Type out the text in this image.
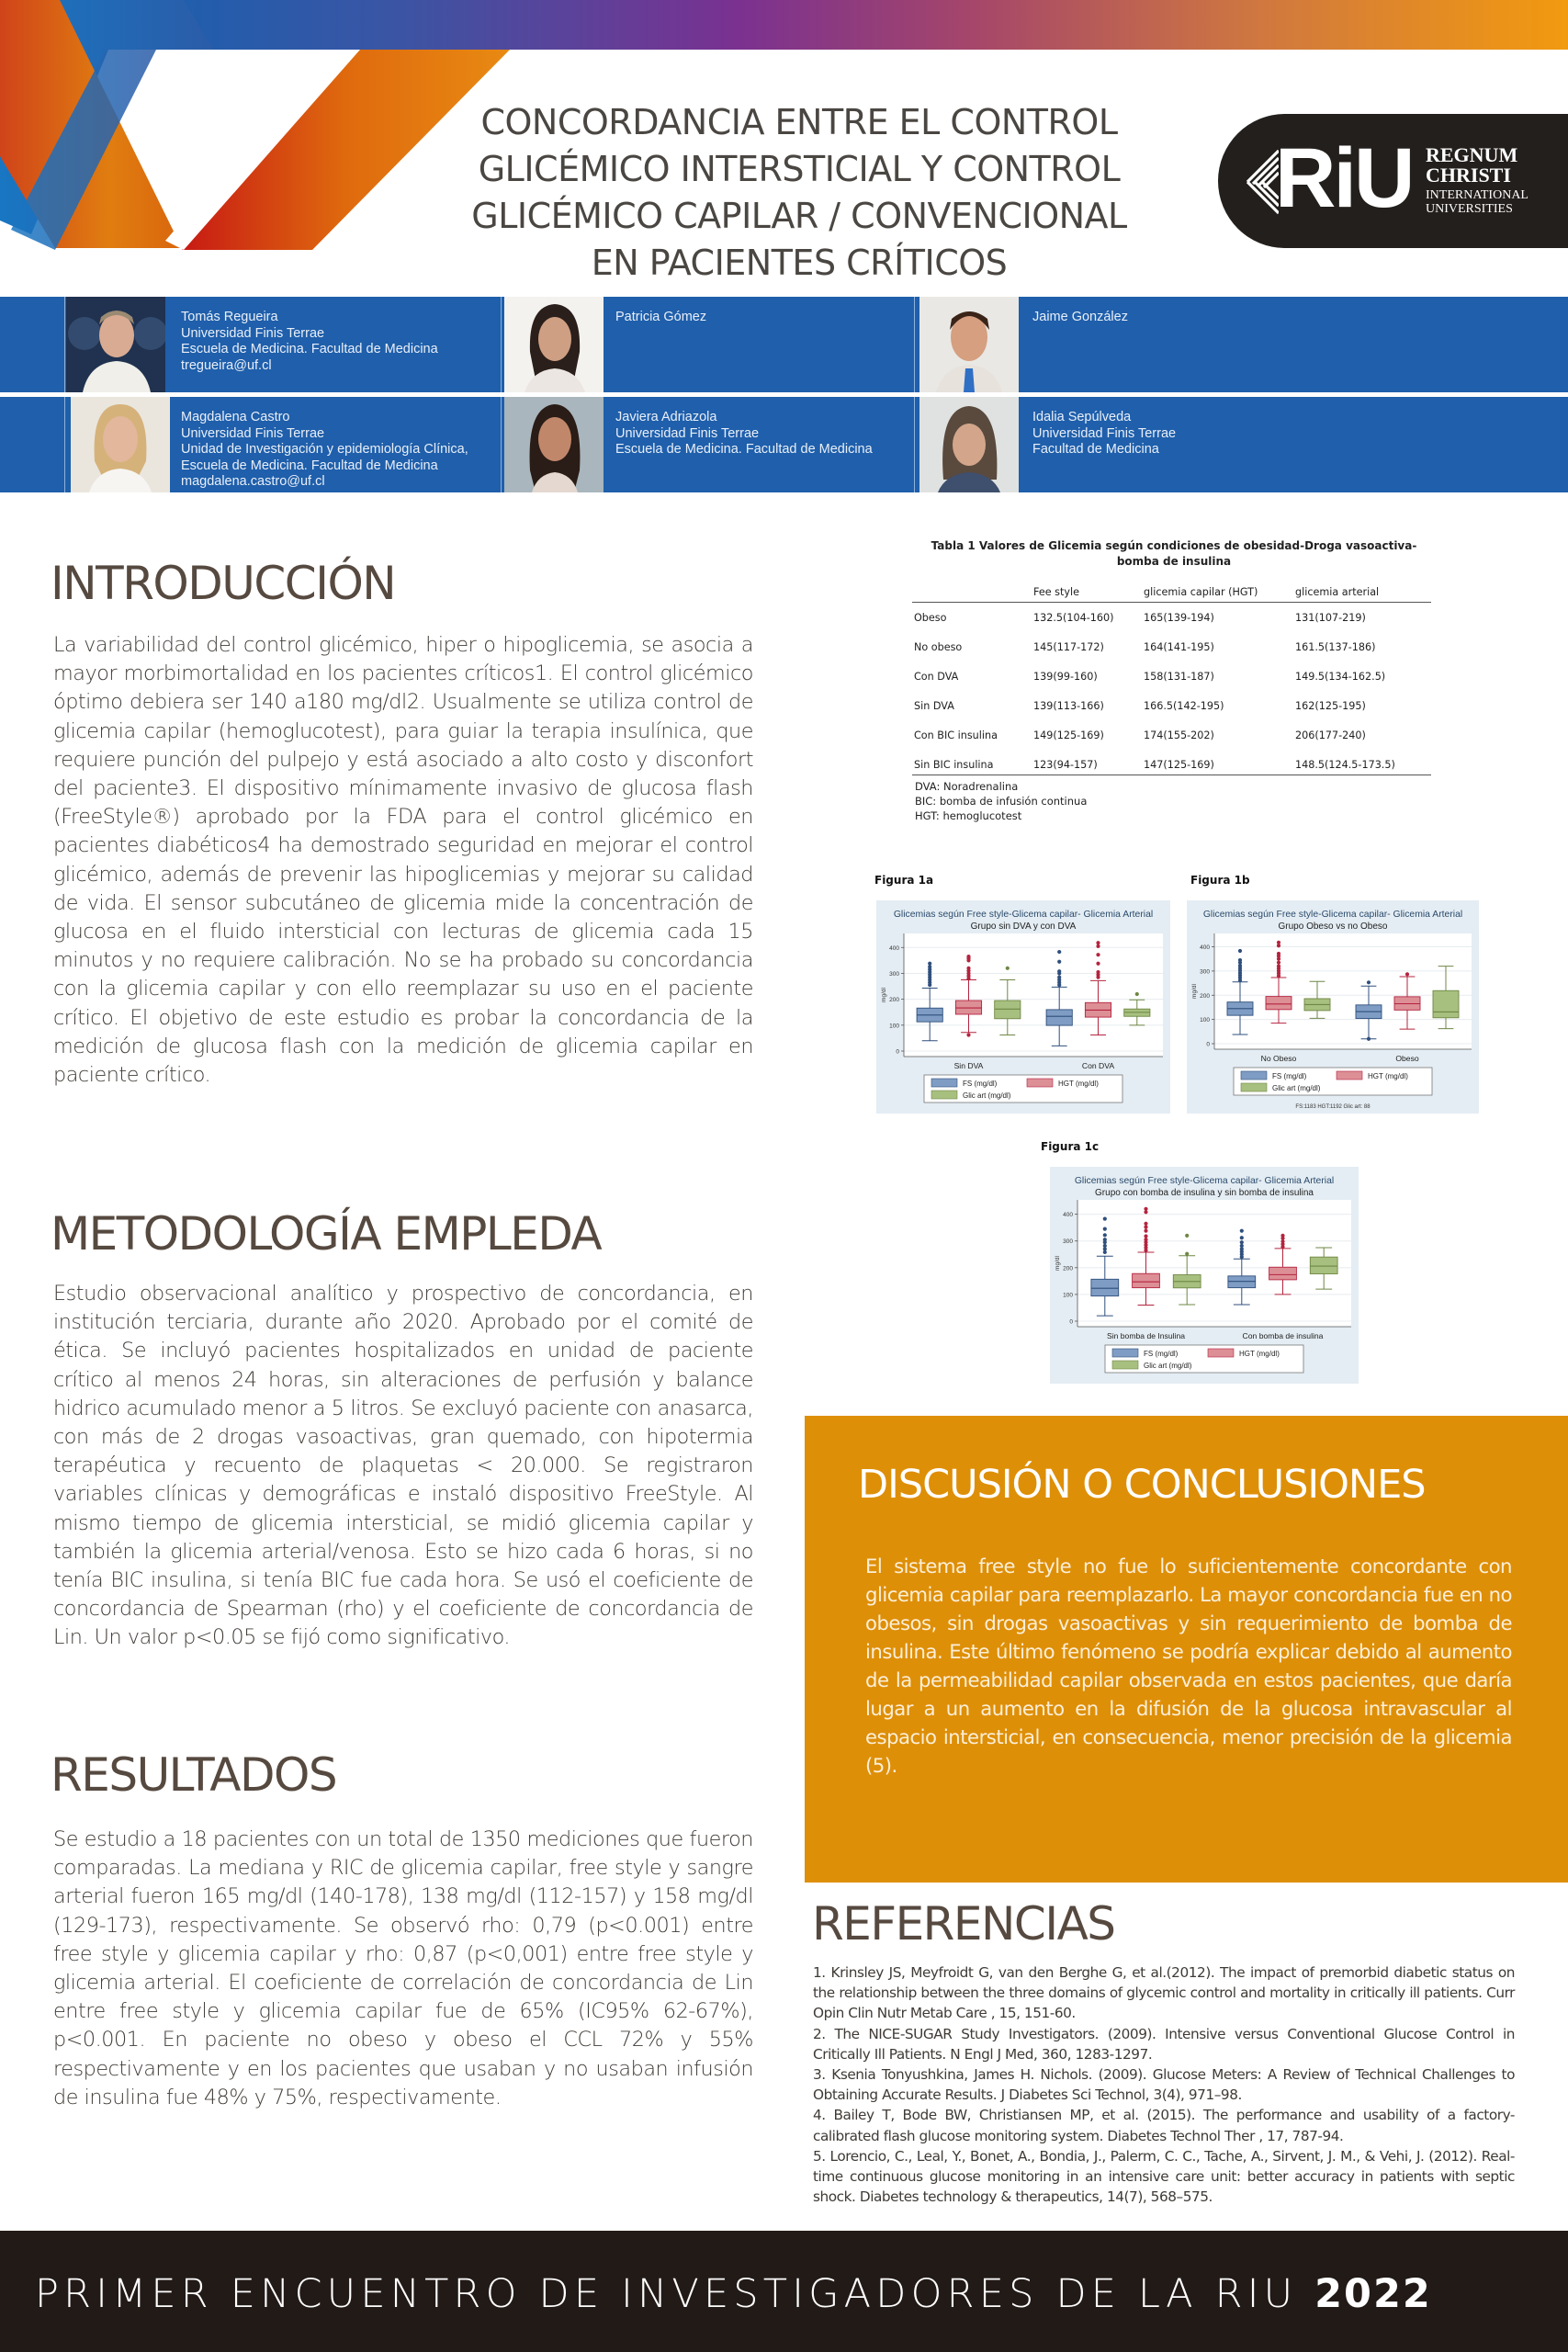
CONCORDANCIA ENTRE EL CONTROL
GLICÉMICO INTERSTICIAL Y CONTROL
GLICÉMICO CAPILAR / CONVENCIONAL
EN PACIENTES CRÍTICOS
RiU REGNUM
CHRISTI
INTERNATIONAL
UNIVERSITIES
Tomás Regueira
Universidad Finis Terrae
Escuela de Medicina. Facultad de Medicina
tregueira@uf.cl
Patricia Gómez	Jaime González
Magdalena Castro
Universidad Finis Terrae
Unidad de Investigación y epidemiología Clínica,
Escuela de Medicina. Facultad de Medicina
magdalena.castro@uf.cl
Javiera Adriazola
Universidad Finis Terrae
Escuela de Medicina. Facultad de Medicina
Idalia Sepúlveda
Universidad Finis Terrae
Facultad de Medicina
INTRODUCCIÓN
La variabilidad del control glicémico, hiper o hipoglicemia, se asocia a mayor morbimortalidad en los pacientes críticos1. El control glicémico óptimo debiera ser 140 a180 mg/dl2. Usualmente se utiliza control de glicemia capilar (hemoglucotest), para guiar la terapia insulínica, que requiere punción del pulpejo y está asociado a alto costo y disconfort del paciente3. El dispositivo mínimamente invasivo de glucosa flash (FreeStyle®) aprobado por la FDA para el control glicémico en pacientes diabéticos4 ha demostrado seguridad en mejorar el control glicémico, además de prevenir las hipoglicemias y mejorar su calidad de vida. El sensor subcutáneo de glicemia mide la concentración de glucosa en el fluido intersticial con lecturas de glicemia cada 15 minutos y no requiere calibración. No se ha probado su concordancia con la glicemia capilar y con ello reemplazar su uso en el paciente crítico. El objetivo de este estudio es probar la concordancia de la medición de glucosa flash con la medición de glicemia capilar en paciente crítico.
METODOLOGÍA EMPLEDA
Estudio observacional analítico y prospectivo de concordancia, en institución terciaria, durante año 2020. Aprobado por el comité de ética. Se incluyó pacientes hospitalizados en unidad de paciente crítico al menos 24 horas, sin alteraciones de perfusión y balance hidrico acumulado menor a 5 litros. Se excluyó paciente con anasarca, con más de 2 drogas vasoactivas, gran quemado, con hipotermia terapéutica y recuento de plaquetas < 20.000. Se registraron variables clínicas y demográficas e instaló dispositivo FreeStyle. Al mismo tiempo de glicemia intersticial, se midió glicemia capilar y también la glicemia arterial/venosa. Esto se hizo cada 6 horas, si no tenía BIC insulina, si tenía BIC fue cada hora. Se usó el coeficiente de concordancia de Spearman (rho) y el coeficiente de concordancia de Lin. Un valor p<0.05 se fijó como significativo.
RESULTADOS
Se estudio a 18 pacientes con un total de 1350 mediciones que fueron comparadas. La mediana y RIC de glicemia capilar, free style y sangre arterial fueron 165 mg/dl (140-178), 138 mg/dl (112-157) y 158 mg/dl (129-173), respectivamente. Se observó rho: 0,79 (p<0.001) entre free style y glicemia capilar y rho: 0,87 (p<0,001) entre free style y glicemia arterial. El coeficiente de correlación de concordancia de Lin entre free style y glicemia capilar fue de 65% (IC95% 62-67%), p<0.001. En paciente no obeso y obeso el CCL 72% y 55% respectivamente y en los pacientes que usaban y no usaban infusión de insulina fue 48% y 75%, respectivamente.
Tabla 1 Valores de Glicemia según condiciones de obesidad-Droga vasoactiva-bomba de insulina
	Fee style	glicemia capilar (HGT)	glicemia arterial
Obeso	132.5(104-160)	165(139-194)	131(107-219)
No obeso	145(117-172)	164(141-195)	161.5(137-186)
Con DVA	139(99-160)	158(131-187)	149.5(134-162.5)
Sin DVA	139(113-166)	166.5(142-195)	162(125-195)
Con BIC insulina	149(125-169)	174(155-202)	206(177-240)
Sin BIC insulina	123(94-157)	147(125-169)	148.5(124.5-173.5)
DVA: Noradrenalina
BIC: bomba de infusión continua
HGT: hemoglucotest
Figura 1a	Figura 1b
Figura 1c
Glicemias según Free style-Glicema capilar- Glicemia Arterial
Grupo sin DVA y con DVA
0
100
200
300
400
mg/dl
Sin DVA	Con DVA
FS (mg/dl)	HGT (mg/dl)
Glic art (mg/dl)
Glicemias según Free style-Glicema capilar- Glicemia Arterial
Grupo Obeso vs no Obeso
0
100
200
300
400
mg/dl
No Obeso	Obeso
FS (mg/dl)	HGT (mg/dl)
Glic art (mg/dl)
FS:1183 HGT:1192 Glic art: 88
Glicemias según Free style-Glicema capilar- Glicemia Arterial
Grupo con bomba de insulina y sin bomba de insulina
0
100
200
300
400
mg/dl
Sin bomba de Insulina	Con bomba de insulina
FS (mg/dl)	HGT (mg/dl)
Glic art (mg/dl)
DISCUSIÓN O CONCLUSIONES
El sistema free style no fue lo suficientemente concordante con glicemia capilar para reemplazarlo. La mayor concordancia fue en no obesos, sin drogas vasoactivas y sin requerimiento de bomba de insulina. Este último fenómeno se podría explicar debido al aumento de la permeabilidad capilar observada en estos pacientes, que daría lugar a un aumento en la difusión de la glucosa intravascular al espacio intersticial, en consecuencia, menor precisión de la glicemia (5).
REFERENCIAS
1. Krinsley JS, Meyfroidt G, van den Berghe G, et al.(2012). The impact of premorbid diabetic status on the relationship between the three domains of glycemic control and mortality in critically ill patients. Curr Opin Clin Nutr Metab Care , 15, 151-60.
2. The NICE-SUGAR Study Investigators. (2009). Intensive versus Conventional Glucose Control in Critically Ill Patients. N Engl J Med, 360, 1283-1297.
3. Ksenia Tonyushkina, James H. Nichols. (2009). Glucose Meters: A Review of Technical Challenges to Obtaining Accurate Results. J Diabetes Sci Technol, 3(4), 971–98.
4. Bailey T, Bode BW, Christiansen MP, et al. (2015). The performance and usability of a factory-calibrated flash glucose monitoring system. Diabetes Technol Ther , 17, 787-94.
5. Lorencio, C., Leal, Y., Bonet, A., Bondia, J., Palerm, C. C., Tache, A., Sirvent, J. M., & Vehi, J. (2012). Real-time continuous glucose monitoring in an intensive care unit: better accuracy in patients with septic shock. Diabetes technology & therapeutics, 14(7), 568–575.
PRIMER ENCUENTRO DE INVESTIGADORES DE LA RIU 2022
